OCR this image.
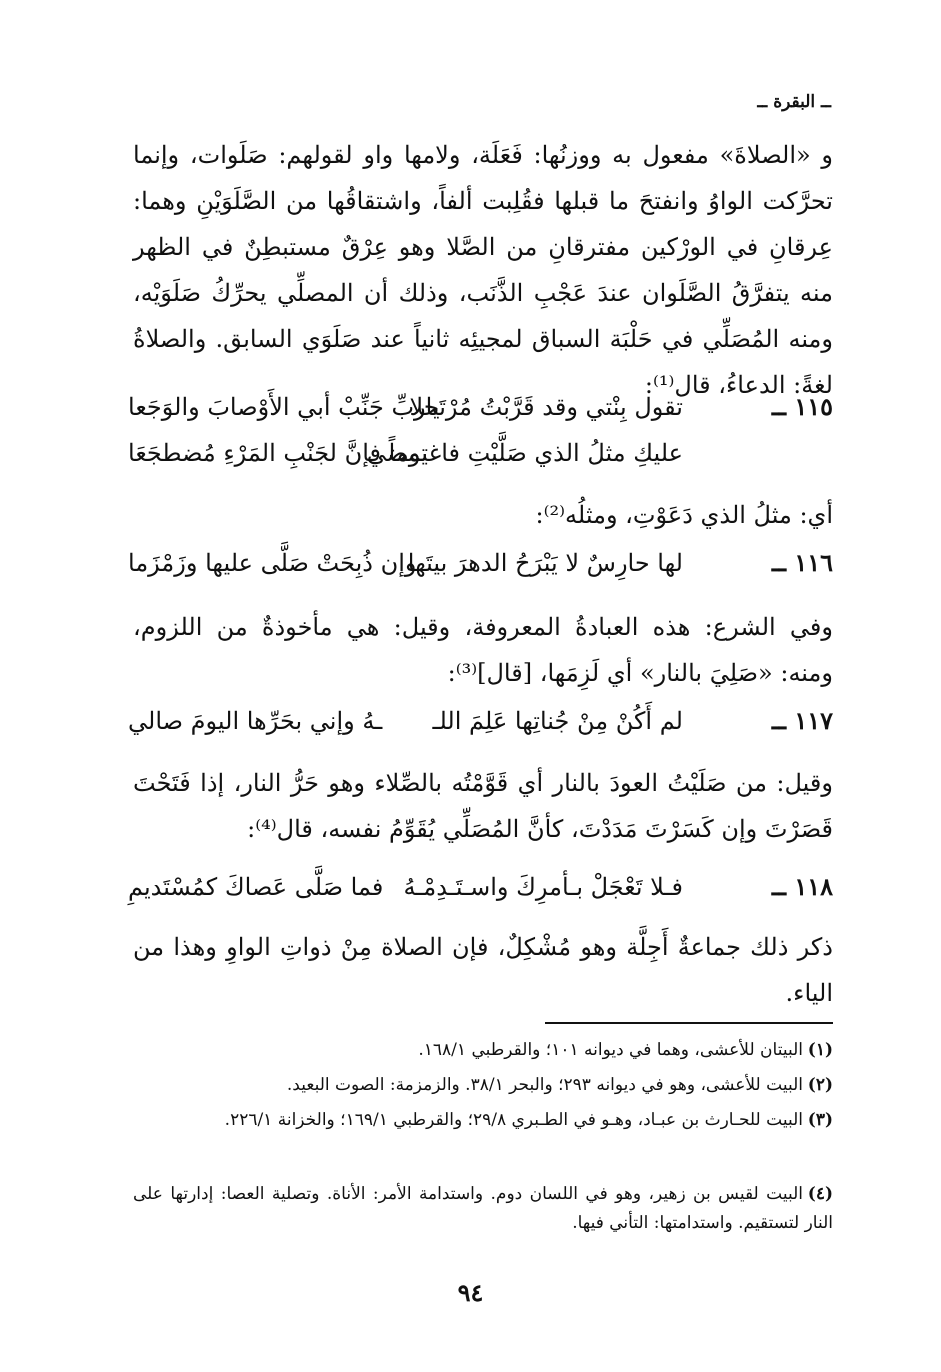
ــ البقرة ــ
و «الصلاةَ» مفعول به ووزنُها: فَعَلَة، ولامها واو لقولهم: صَلَوات، وإنما تحرَّكت الواوُ وانفتحَ ما قبلها فقُلِبت ألفاً، واشتقاقُها من الصَّلَوَيْنِ وهما: عِرقانِ في الورْكين مفترقانِ من الصَّلا وهو عِرْقٌ مستبطِنٌ في الظهر منه يتفرَّقُ الصَّلَوان عندَ عَجْبِ الذَّنَب، وذلك أن المصلِّي يحرِّكُ صَلَوَيْه، ومنه المُصَلِّي في حَلْبَة السباق لمجيئِه ثانياً عند صَلَوَي السابق. والصلاةُ لغةً: الدعاءُ، قال⁽¹⁾:
١١٥ ــ
تقول بِنْتي وقد قَرَّبْتُ مُرْتَحلا
ياربِّ جَنِّبْ أبي الأَوْصابَ والوَجَعا
عليكِ مثلُ الذي صَلَّيْتِ فاغتمضي
يوماً فإنَّ لجَنْبِ المَرْءِ مُضطجَعَا
أي: مثلُ الذي دَعَوْتِ، ومثلُه⁽²⁾:
١١٦ ــ
لها حارِسٌ لا يَبْرَحُ الدهرَ بيتَها
وإن ذُبِحَتْ صَلَّى عليها وزَمْزَما
وفي الشرع: هذه العبادةُ المعروفة، وقيل: هي مأخوذةٌ من اللزوم، ومنه: «صَلِيَ بالنار» أي لَزِمَها، [قال]⁽³⁾:
١١٧ ــ
لم أَكُنْ مِنْ جُناتِها عَلِمَ اللـ
ـهُ وإني بحَرِّها اليومَ صالي
وقيل: من صَلَيْتُ العودَ بالنار أي قَوَّمْتُه بالصِّلاء وهو حَرُّ النار، إذا فَتَحْتَ قَصَرْتَ وإن كَسَرْتَ مَدَدْتَ، كأنَّ المُصَلِّي يُقَوِّمُ نفسه، قال⁽⁴⁾:
١١٨ ــ
فـلا تَعْجَلْ بـأمرِكَ واسـتَـدِمْـهُ
فما صَلَّى عَصاكَ كمُسْتَديمِ
ذكر ذلك جماعةٌ أَجِلَّة وهو مُشْكِلٌ، فإن الصلاة مِنْ ذواتِ الواوِ وهذا من الياء.
(١)البيتان للأعشى، وهما في ديوانه ١٠١؛ والقرطبي ١٦٨/١.
(٢)البيت للأعشى، وهو في ديوانه ٢٩٣؛ والبحر ٣٨/١. والزمزمة: الصوت البعيد.
(٣)البيت للحـارث بن عبـاد، وهـو في الطـبري ٢٩/٨؛ والقرطبي ١٦٩/١؛ والخزانة ٢٢٦/١.
(٤)البيت لقيس بن زهير، وهو في اللسان دوم. واستدامة الأمر: الأناة. وتصلية العصا: إدارتها على النار لتستقيم. واستدامتها: التأني فيها.
٩٤
